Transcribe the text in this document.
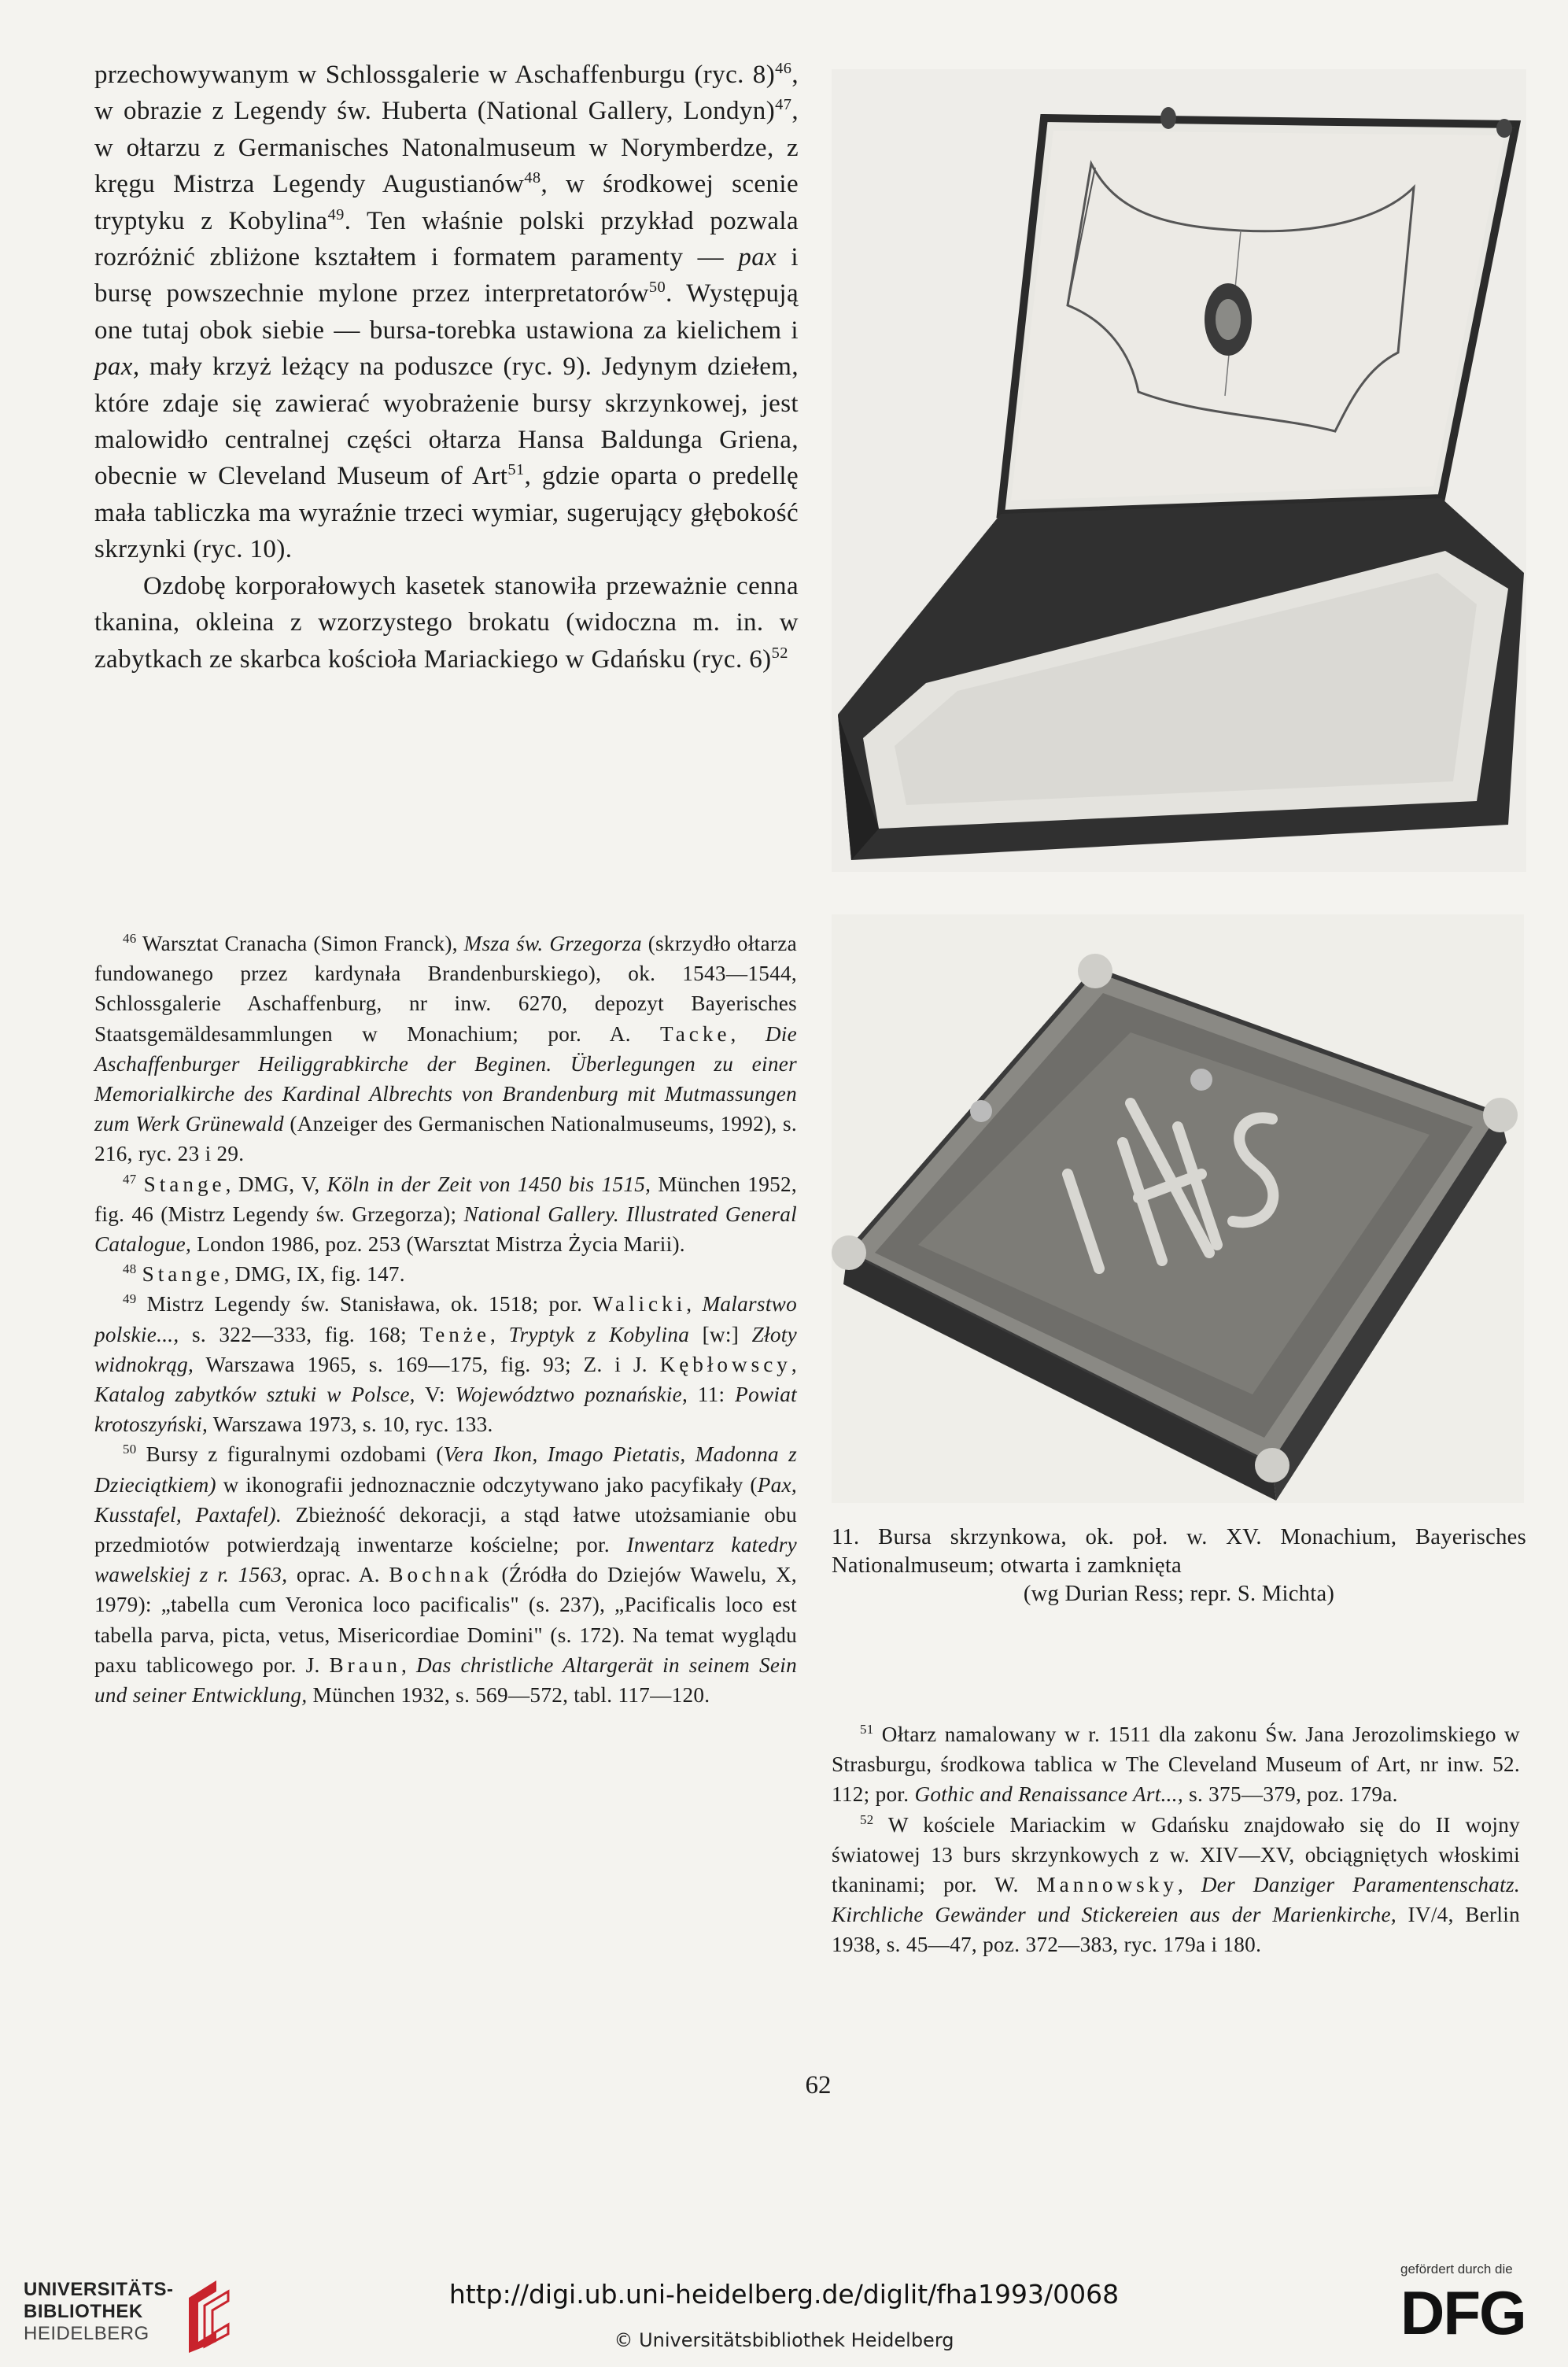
przechowywanym w Schlossgalerie w Aschaffenburgu (ryc. 8)$^{46}$, w obrazie z Legendy św. Huberta (National Gallery, Londyn)$^{47}$, w ołtarzu z Germanisches Natonalmuseum w Norymberdze, z kręgu Mistrza Legendy Augustianów$^{48}$, w środkowej scenie tryptyku z Kobylina$^{49}$. Ten właśnie polski przykład pozwala rozróżnić zbliżone kształtem i formatem paramenty — pax i bursę powszechnie mylone przez interpretatorów$^{50}$. Występują one tutaj obok siebie — bursa-torebka ustawiona za kielichem i pax, mały krzyż leżący na poduszce (ryc. 9). Jedynym dziełem, które zdaje się zawierać wyobrażenie bursy skrzynkowej, jest malowidło centralnej części ołtarza Hansa Baldunga Griena, obecnie w Cleveland Museum of Art$^{51}$, gdzie oparta o predellę mała tabliczka ma wyraźnie trzeci wymiar, sugerujący głębokość skrzynki (ryc. 10).

Ozdobę korporałowych kasetek stanowiła przeważnie cenna tkanina, okleina z wzorzystego brokatu (widoczna m. in. w zabytkach ze skarbca kościoła Mariackiego w Gdańsku (ryc. 6)$^{52}$

11. Bursa skrzynkowa, ok. poł. w. XV. Monachium, Bayerisches Nationalmuseum; otwarta i zamknięta
(wg Durian Ress; repr. S. Michta)

$^{46}$ Warsztat Cranacha (Simon Franck), Msza św. Grzegorza (skrzydło ołtarza fundowanego przez kardynała Brandenburskiego), ok. 1543—1544, Schlossgalerie Aschaffenburg, nr inw. 6270, depozyt Bayerisches Staatsgemäldesammlungen w Monachium; por. A. Tacke, Die Aschaffenburger Heiliggrabkirche der Beginen. Überlegungen zu einer Memorialkirche des Kardinal Albrechts von Brandenburg mit Mutmassungen zum Werk Grünewald (Anzeiger des Germanischen Nationalmuseums, 1992), s. 216, ryc. 23 i 29.

$^{47}$ Stange, DMG, V, Köln in der Zeit von 1450 bis 1515, München 1952, fig. 46 (Mistrz Legendy św. Grzegorza); National Gallery. Illustrated General Catalogue, London 1986, poz. 253 (Warsztat Mistrza Życia Marii).

$^{48}$ Stange, DMG, IX, fig. 147.

$^{49}$ Mistrz Legendy św. Stanisława, ok. 1518; por. Walicki, Malarstwo polskie..., s. 322—333, fig. 168; Tenże, Tryptyk z Kobylina [w:] Złoty widnokrąg, Warszawa 1965, s. 169—175, fig. 93; Z. i J. Kębłowscy, Katalog zabytków sztuki w Polsce, V: Województwo poznańskie, 11: Powiat krotoszyński, Warszawa 1973, s. 10, ryc. 133.

$^{50}$ Bursy z figuralnymi ozdobami (Vera Ikon, Imago Pietatis, Madonna z Dzieciątkiem) w ikonografii jednoznacznie odczytywano jako pacyfikały (Pax, Kusstafel, Paxtafel). Zbieżność dekoracji, a stąd łatwe utożsamianie obu przedmiotów potwierdzają inwentarze kościelne; por. Inwentarz katedry wawelskiej z r. 1563, oprac. A. Bochnak (Źródła do Dziejów Wawelu, X, 1979): „tabella cum Veronica loco pacificalis" (s. 237), „Pacificalis loco est tabella parva, picta, vetus, Misericordiae Domini" (s. 172). Na temat wyglądu paxu tablicowego por. J. Braun, Das christliche Altargerät in seinem Sein und seiner Entwicklung, München 1932, s. 569—572, tabl. 117—120.

$^{51}$ Ołtarz namalowany w r. 1511 dla zakonu Św. Jana Jerozolimskiego w Strasburgu, środkowa tablica w The Cleveland Museum of Art, nr inw. 52. 112; por. Gothic and Renaissance Art..., s. 375—379, poz. 179a.

$^{52}$ W kościele Mariackim w Gdańsku znajdowało się do II wojny światowej 13 burs skrzynkowych z w. XIV—XV, obciągniętych włoskimi tkaninami; por. W. Mannowsky, Der Danziger Paramentenschatz. Kirchliche Gewänder und Stickereien aus der Marienkirche, IV/4, Berlin 1938, s. 45—47, poz. 372—383, ryc. 179a i 180.

62
UNIVERSITÄTS-
BIBLIOTHEK
HEIDELBERG
http://digi.ub.uni-heidelberg.de/diglit/fha1993/0068
© Universitätsbibliothek Heidelberg
gefördert durch die
DFG
